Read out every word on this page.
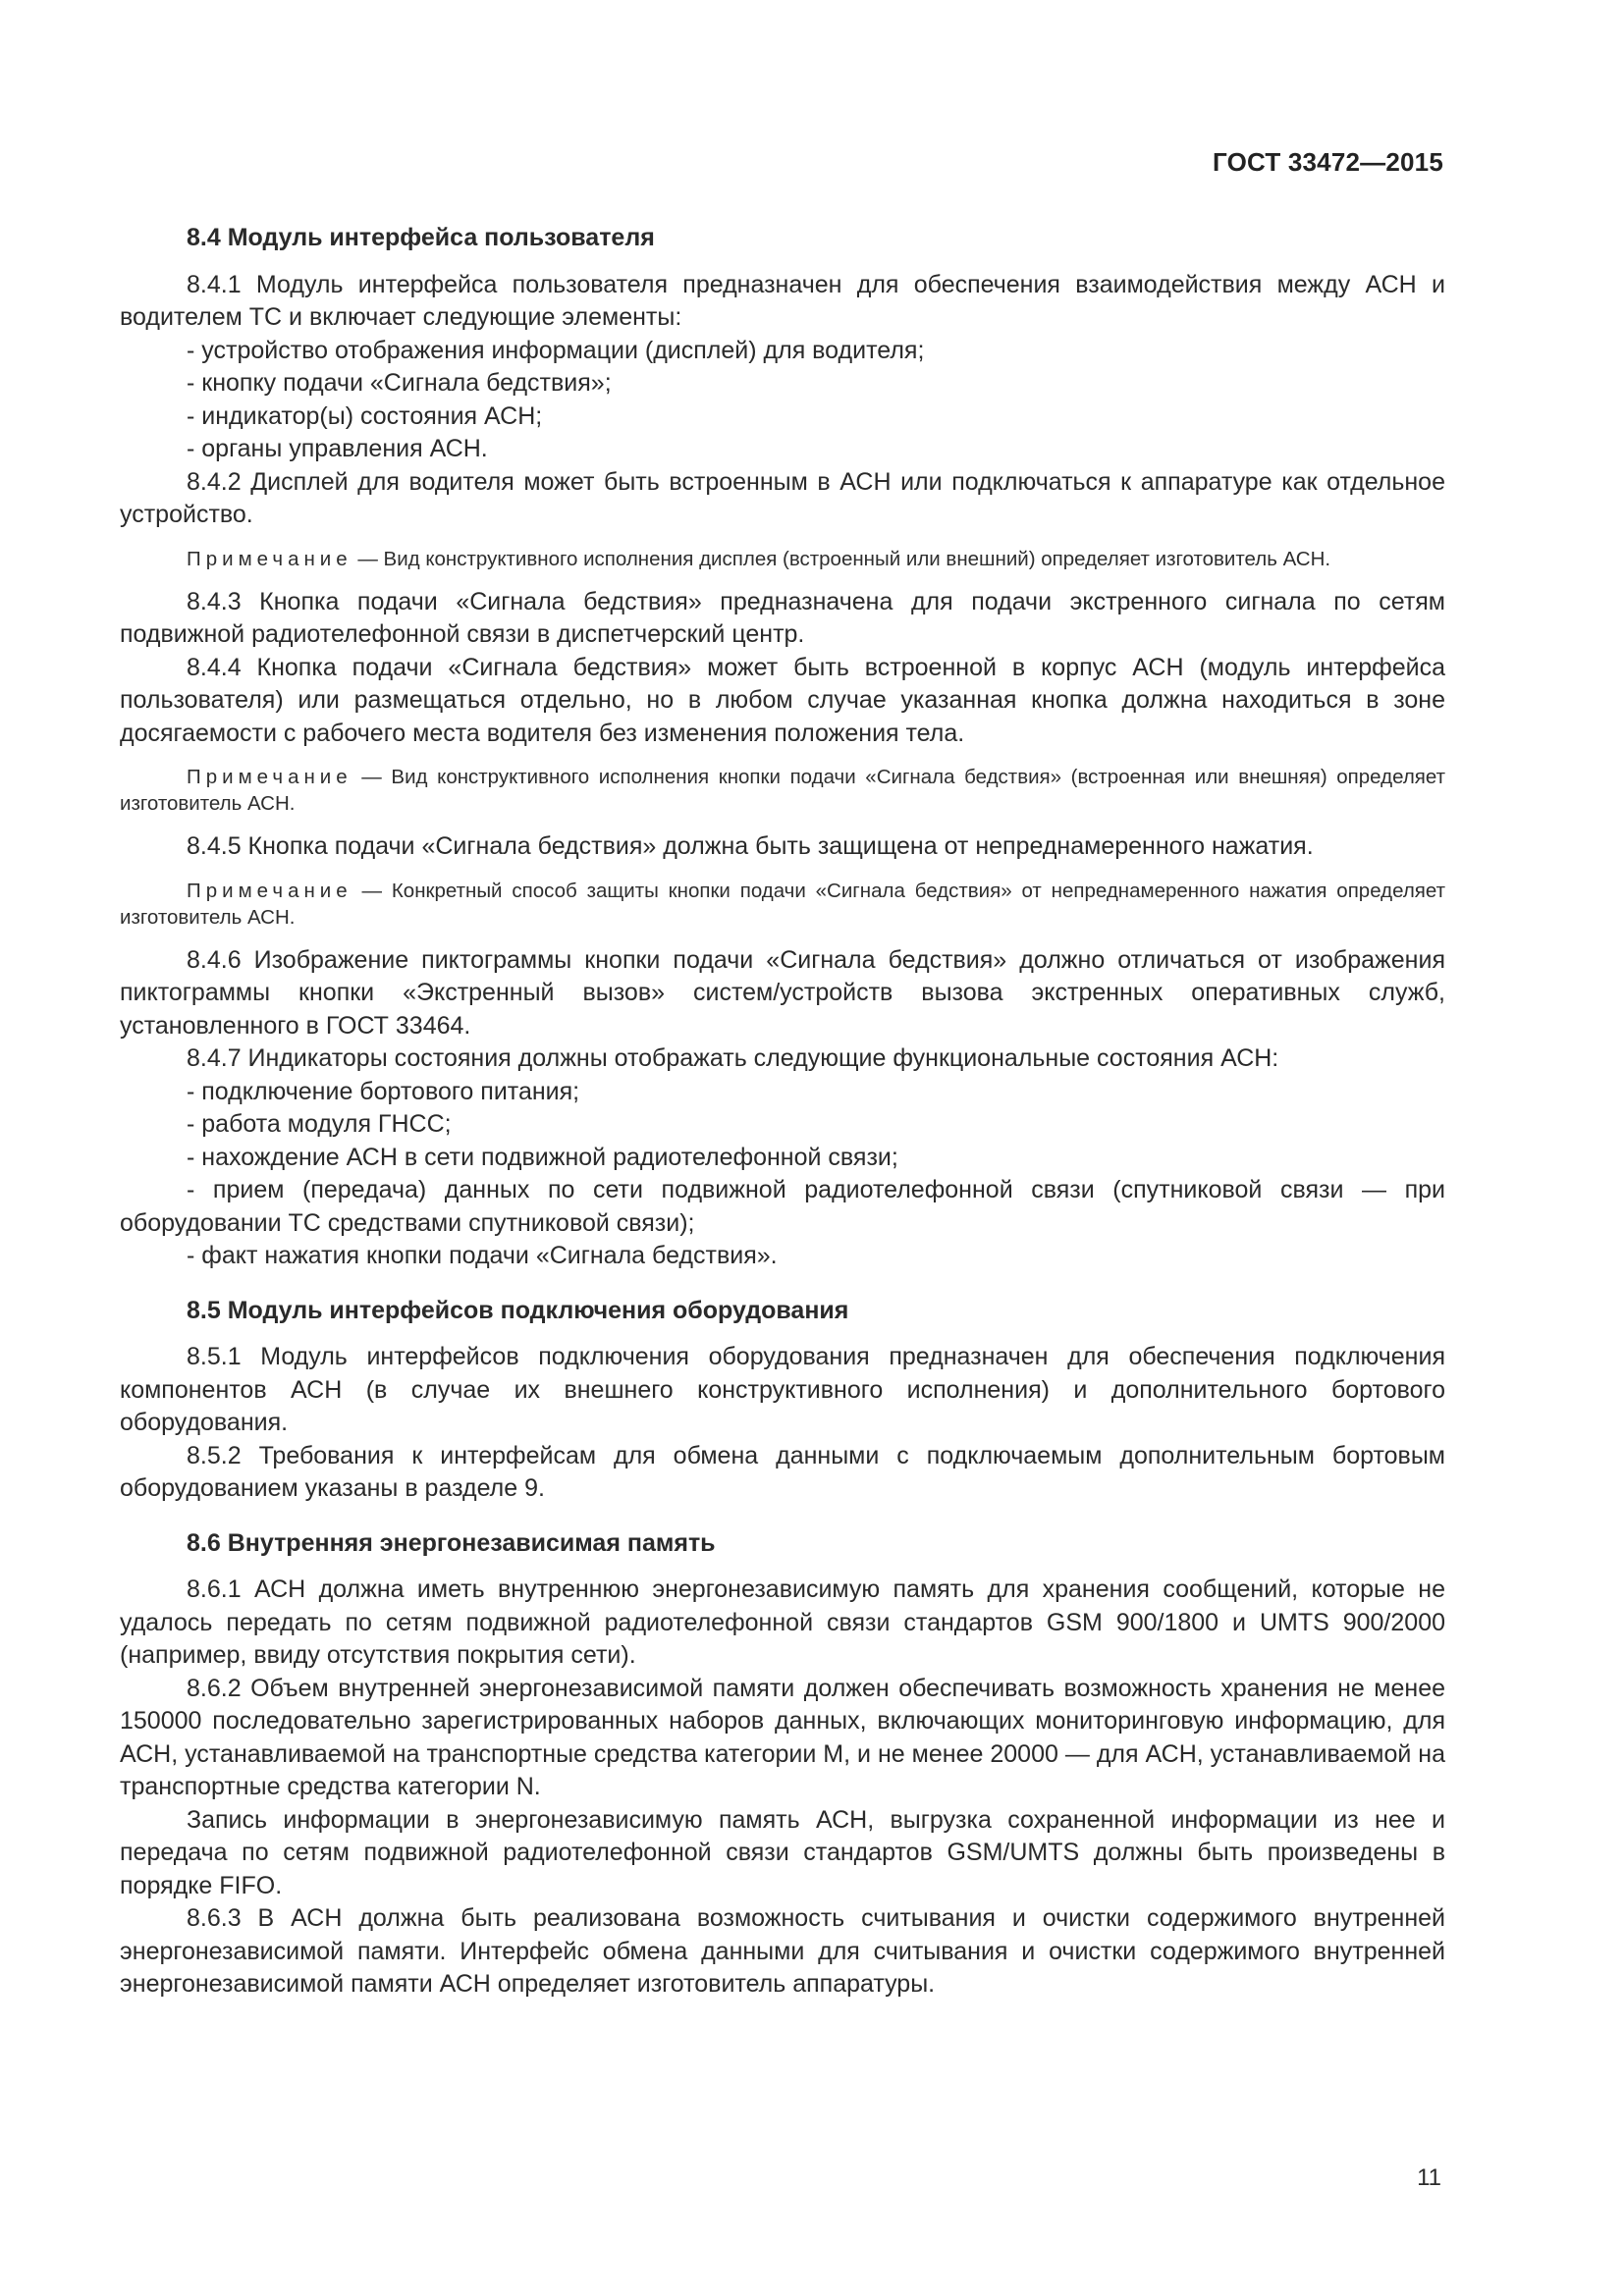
ГОСТ 33472—2015

8.4 Модуль интерфейса пользователя

8.4.1 Модуль интерфейса пользователя предназначен для обеспечения взаимодействия между АСН и водителем ТС и включает следующие элементы:

- устройство отображения информации (дисплей) для водителя;

- кнопку подачи «Сигнала бедствия»;

- индикатор(ы) состояния АСН;

- органы управления АСН.

8.4.2 Дисплей для водителя может быть встроенным в АСН или подключаться к аппаратуре как отдельное устройство.

Примечание — Вид конструктивного исполнения дисплея (встроенный или внешний) определяет изготовитель АСН.

8.4.3 Кнопка подачи «Сигнала бедствия» предназначена для подачи экстренного сигнала по сетям подвижной радиотелефонной связи в диспетчерский центр.

8.4.4 Кнопка подачи «Сигнала бедствия» может быть встроенной в корпус АСН (модуль интерфейса пользователя) или размещаться отдельно, но в любом случае указанная кнопка должна находиться в зоне досягаемости с рабочего места водителя без изменения положения тела.

Примечание — Вид конструктивного исполнения кнопки подачи «Сигнала бедствия» (встроенная или внешняя) определяет изготовитель АСН.

8.4.5 Кнопка подачи «Сигнала бедствия» должна быть защищена от непреднамеренного нажатия.

Примечание — Конкретный способ защиты кнопки подачи «Сигнала бедствия» от непреднамеренного нажатия определяет изготовитель АСН.

8.4.6 Изображение пиктограммы кнопки подачи «Сигнала бедствия» должно отличаться от изображения пиктограммы кнопки «Экстренный вызов» систем/устройств вызова экстренных оперативных служб, установленного в ГОСТ 33464.

8.4.7 Индикаторы состояния должны отображать следующие функциональные состояния АСН:

- подключение бортового питания;

- работа модуля ГНСС;

- нахождение АСН в сети подвижной радиотелефонной связи;

- прием (передача) данных по сети подвижной радиотелефонной связи (спутниковой связи — при оборудовании ТС средствами спутниковой связи);

- факт нажатия кнопки подачи «Сигнала бедствия».

8.5 Модуль интерфейсов подключения оборудования

8.5.1 Модуль интерфейсов подключения оборудования предназначен для обеспечения подключения компонентов АСН (в случае их внешнего конструктивного исполнения) и дополнительного бортового оборудования.

8.5.2 Требования к интерфейсам для обмена данными с подключаемым дополнительным бортовым оборудованием указаны в разделе 9.

8.6 Внутренняя энергонезависимая память

8.6.1 АСН должна иметь внутреннюю энергонезависимую память для хранения сообщений, которые не удалось передать по сетям подвижной радиотелефонной связи стандартов GSM 900/1800 и UMTS 900/2000 (например, ввиду отсутствия покрытия сети).

8.6.2 Объем внутренней энергонезависимой памяти должен обеспечивать возможность хранения не менее 150000 последовательно зарегистрированных наборов данных, включающих мониторинговую информацию, для АСН, устанавливаемой на транспортные средства категории М, и не менее 20000 — для АСН, устанавливаемой на транспортные средства категории N.

Запись информации в энергонезависимую память АСН, выгрузка сохраненной информации из нее и передача по сетям подвижной радиотелефонной связи стандартов GSM/UMTS должны быть произведены в порядке FIFO.

8.6.3 В АСН должна быть реализована возможность считывания и очистки содержимого внутренней энергонезависимой памяти. Интерфейс обмена данными для считывания и очистки содержимого внутренней энергонезависимой памяти АСН определяет изготовитель аппаратуры.

11
